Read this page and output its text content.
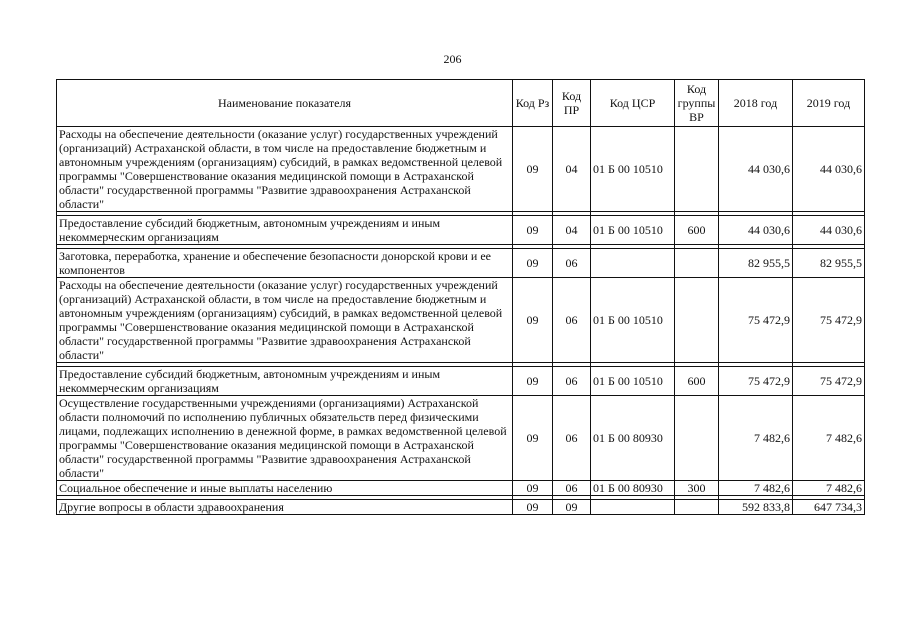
206
Наименование показателя	Код Рз	Код ПР	Код ЦСР	Код группы ВР	2018 год	2019 год
Расходы на обеспечение деятельности (оказание услуг) государственных учреждений (организаций) Астраханской области, в том числе на предоставление бюджетным и автономным учреждениям (организациям) субсидий, в рамках ведомственной целевой программы "Совершенствование оказания медицинской помощи в Астраханской области" государственной программы "Развитие здравоохранения Астраханской области"	09	04	01 Б 00 10510		44 030,6	44 030,6

Предоставление субсидий бюджетным, автономным учреждениям и иным некоммерческим организациям	09	04	01 Б 00 10510	600	44 030,6	44 030,6

Заготовка, переработка, хранение и обеспечение безопасности донорской крови и ее компонентов	09	06			82 955,5	82 955,5
Расходы на обеспечение деятельности (оказание услуг) государственных учреждений (организаций) Астраханской области, в том числе на предоставление бюджетным и автономным учреждениям (организациям) субсидий, в рамках ведомственной целевой программы "Совершенствование оказания медицинской помощи в Астраханской области" государственной программы "Развитие здравоохранения Астраханской области"	09	06	01 Б 00 10510		75 472,9	75 472,9

Предоставление субсидий бюджетным, автономным учреждениям и иным некоммерческим организациям	09	06	01 Б 00 10510	600	75 472,9	75 472,9
Осуществление государственными учреждениями (организациями) Астраханской области полномочий по исполнению публичных обязательств перед физическими лицами, подлежащих исполнению в денежной форме, в рамках ведомственной целевой программы "Совершенствование оказания медицинской помощи в Астраханской области" государственной программы "Развитие здравоохранения Астраханской области"	09	06	01 Б 00 80930		7 482,6	7 482,6
Социальное обеспечение и иные выплаты населению	09	06	01 Б 00 80930	300	7 482,6	7 482,6

Другие вопросы в области здравоохранения	09	09			592 833,8	647 734,3
